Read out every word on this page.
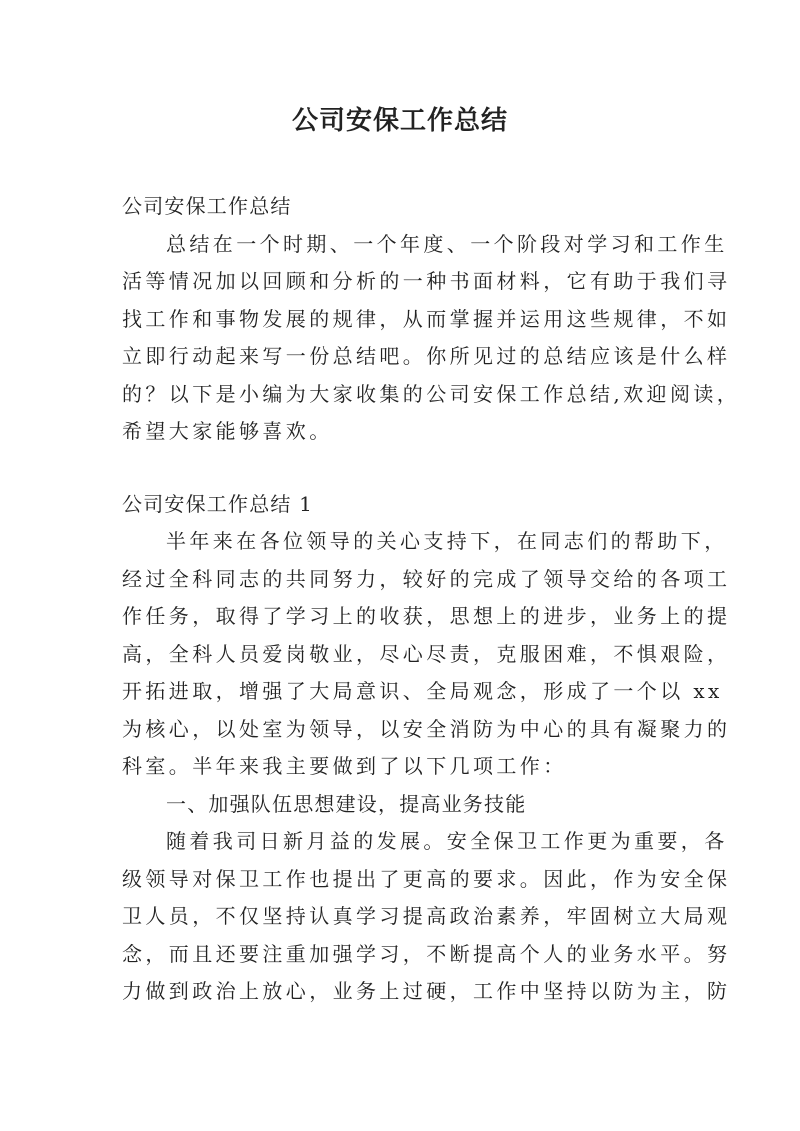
公司安保工作总结
公司安保工作总结
总结在一个时期、一个年度、一个阶段对学习和工作生
活等情况加以回顾和分析的一种书面材料，它有助于我们寻
找工作和事物发展的规律，从而掌握并运用这些规律，不如
立即行动起来写一份总结吧。你所见过的总结应该是什么样
的？以下是小编为大家收集的公司安保工作总结,欢迎阅读，
希望大家能够喜欢。
公司安保工作总结 1
半年来在各位领导的关心支持下，在同志们的帮助下，
经过全科同志的共同努力，较好的完成了领导交给的各项工
作任务，取得了学习上的收获，思想上的进步，业务上的提
高，全科人员爱岗敬业，尽心尽责，克服困难，不惧艰险，
开拓进取，增强了大局意识、全局观念，形成了一个以 xx
为核心，以处室为领导，以安全消防为中心的具有凝聚力的
科室。半年来我主要做到了以下几项工作：
一、加强队伍思想建设，提高业务技能
随着我司日新月益的发展。安全保卫工作更为重要，各
级领导对保卫工作也提出了更高的要求。因此，作为安全保
卫人员，不仅坚持认真学习提高政治素养，牢固树立大局观
念，而且还要注重加强学习，不断提高个人的业务水平。努
力做到政治上放心，业务上过硬，工作中坚持以防为主，防
